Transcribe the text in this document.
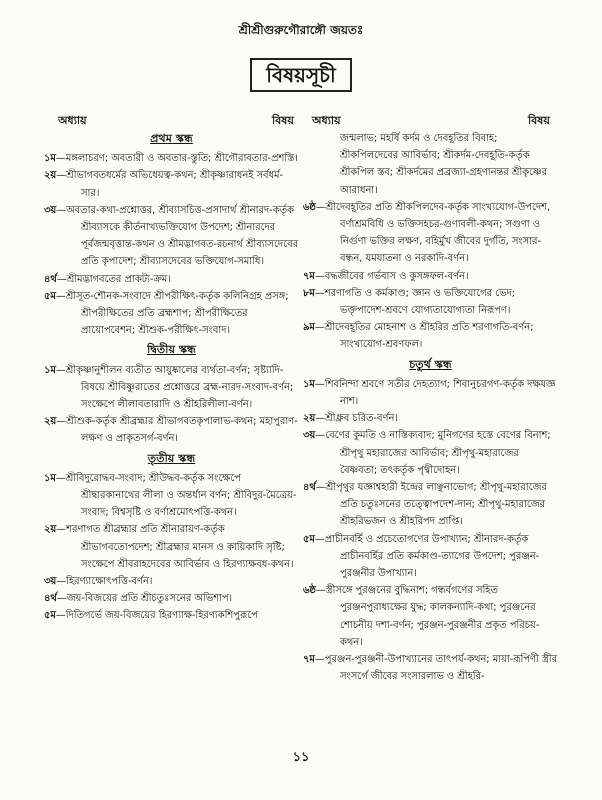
শ্রীশ্রীগুরুগৌরাঙ্গৌ জয়তঃ
বিষয়সূচী
অধ্যায়	বিষয় অধ্যায়	বিষয়
প্রথম স্কন্ধ
১ম—মঙ্গলাচরণ; অবতারী ও অবতার-স্তুতি; শ্রীগৌরাবতার-প্রশস্তি।
২য়—শ্রীভাগবতধর্মের অভিধেয়ত্ব-কথন; শ্রীকৃষ্ণারাধনই সর্বধর্ম-সার।
৩য়—অবতার-কথা-প্রশ্নোত্তর, শ্রীব্যাসচিত্ত-প্রসাদার্থ শ্রীনারদ-কর্তৃক শ্রীব্যাসকে কীর্তনাখ্যভক্তিযোগ উপদেশ; শ্রীনারদের পূর্বজন্মবৃত্তান্ত-কথন ও শ্রীমদ্ভাগবত-রচনার্থ শ্রীব্যাসদেবের প্রতি কৃপাদেশ; শ্রীব্যাসদেবের ভক্তিযোগ-সমাধি।
৪র্থ—শ্রীমদ্ভাগবতের প্রাকট্য-ক্রম।
৫ম—শ্রীসূত-শৌনক-সংবাদে শ্রীপরীক্ষিৎ-কর্তৃক কলিনিগ্রহ প্রসঙ্গ; শ্রীপরীক্ষিতের প্রতি ব্রহ্মশাপ; শ্রীপরীক্ষিতের প্রায়োপবেশন; শ্রীশুক-পরীক্ষিৎ-সংবাদ।
দ্বিতীয় স্কন্ধ
১ম—শ্রীকৃষ্ণানুশীলন ব্যতীত আয়ুষ্কালের ব্যর্থতা-বর্ণন; সৃষ্ট্যাদি-বিষয়ে শ্রীবিষ্ণুরাতের প্রশ্নোত্তরে ব্রহ্ম-নারদ-সংবাদ-বর্ণন; সংক্ষেপে লীলাবতারাদি ও শ্রীহরিলীলা-বর্ণন।
২য়—শ্রীশুক-কর্তৃক শ্রীব্রহ্মার শ্রীভাগবতকৃপালাভ-কথন; মহাপুরাণ-লক্ষণ ও প্রাকৃতসর্গ-বর্ণন।
তৃতীয় স্কন্ধ
১ম—শ্রীবিদুরোদ্ধব-সংবাদ; শ্রীউদ্ধব-কর্তৃক সংক্ষেপে শ্রীদ্বারকানাথের লীলা ও অন্তর্ধান বর্ণন; শ্রীবিদুর-মৈত্রেয়-সংবাদ; বিশ্বসৃষ্টি ও বর্ণাশ্রমোৎপত্তি-কথন।
২য়—শরণাগত শ্রীব্রহ্মার প্রতি শ্রীনারায়ণ-কর্তৃক শ্রীভাগবতোপদেশ; শ্রীব্রহ্মার মানস ও কায়িকাদি সৃষ্টি; সংক্ষেপে শ্রীবরাহদেবের আবির্ভাব ও হিরণ্যাক্ষবধ-কথন।
৩য়—হিরণ্যাক্ষোৎপত্তি-বর্ণন।
৪র্থ—জয়-বিজয়ের প্রতি শ্রীচতুঃসনের অভিশাপ।
৫ম—দিতিগর্ভে জয়-বিজয়ের হিরণ্যাক্ষ-হিরণ্যকশিপুরূপে
জন্মলাভ; মহর্ষি কর্দম ও দেবহূতির বিবাহ; শ্রীকপিলদেবের আবির্ভাব; শ্রীকর্দম-দেবহূতি-কর্তৃক শ্রীকপিল স্তব; শ্রীকর্দমের প্রব্রজ্যা-গ্রহণানন্তর শ্রীকৃষ্ণের আরাধনা।
৬ষ্ঠ—শ্রীদেবহূতির প্রতি শ্রীকপিলদেব-কর্তৃক সাংখ্যযোগ-উপদেশ, বর্ণাশ্রমবিধি ও ভক্তিসহচর-গুণাবলী-কথন; সগুণা ও নির্গুণা ভক্তির লক্ষণ, বহির্মুখ জীবের দুর্গতি, সংসার-বন্ধন, যমযাতনা ও নরকাদি-বর্ণন।
৭ম—বদ্ধজীবের গর্ভবাস ও কুসঙ্গফল-বর্ণন।
৮ম—শরণাগতি ও কর্মকাণ্ড; জ্ঞান ও ভক্তিযোগের ভেদ; ভক্তৃপাদেশ-শ্রবণে যোগ্যতাযোগ্যতা নিরূপণ।
৯ম—শ্রীদেবহূতির মোহনাশ ও শ্রীহরির প্রতি শরণাগতি-বর্ণন; সাংখ্যযোগ-শ্রবণফল।
চতুর্থ স্কন্ধ
১ম—শিবনিন্দা শ্রবণে সতীর দেহত্যাগ; শিবানুচরগণ-কর্তৃক দক্ষযজ্ঞ নাশ।
২য়—শ্রীধ্রুব চরিত-বর্ণন।
৩য়—বেণের কুমতি ও নাস্তিক্যবাদ; মুনিগণের হস্তে বেণের বিনাশ; শ্রীপৃথু মহারাজের আবির্ভাব; শ্রীপৃথু-মহারাজের বৈষ্ণবতা; তৎকর্তৃক পৃথ্বীদোহন।
৪র্থ—শ্রীপৃথুর যজ্ঞাশ্বহারী ইন্দ্রের লাঞ্ছনাভোগ; শ্রীপৃথু-মহারাজের প্রতি চতুঃসনের তত্ত্বোপদেশ-দান; শ্রীপৃথু-মহারাজের শ্রীহরিভজন ও শ্রীহরিপদ প্রাপ্তি।
৫ম—প্রাচীনবর্হি ও প্রচেতোগণের উপাখ্যান; শ্রীনারদ-কর্তৃক প্রাচীনবর্হির প্রতি কর্মকাণ্ড-ত্যাগের উপদেশ; পুরঞ্জন-পুরঞ্জনীর উপাখ্যান।
৬ষ্ঠ—স্ত্রীসঙ্গে পুরঞ্জনের বুদ্ধিনাশ; গন্ধর্বগণের সহিত পুরঞ্জনপুরাধ্যক্ষের যুদ্ধ; কালকন্যাদি-কথা; পুরঞ্জনের শোচনীয় দশা-বর্ণন; পুরঞ্জন-পুরঞ্জনীর প্রকৃত পরিচয়-কথন।
৭ম—পুরঞ্জন-পুরঞ্জনী-উপাখ্যানের তাৎপর্য-কথন; মায়া-রূপিণী স্ত্রীর সংসর্গে জীবের সংসারলাভ ও শ্রীহরি-
১১
